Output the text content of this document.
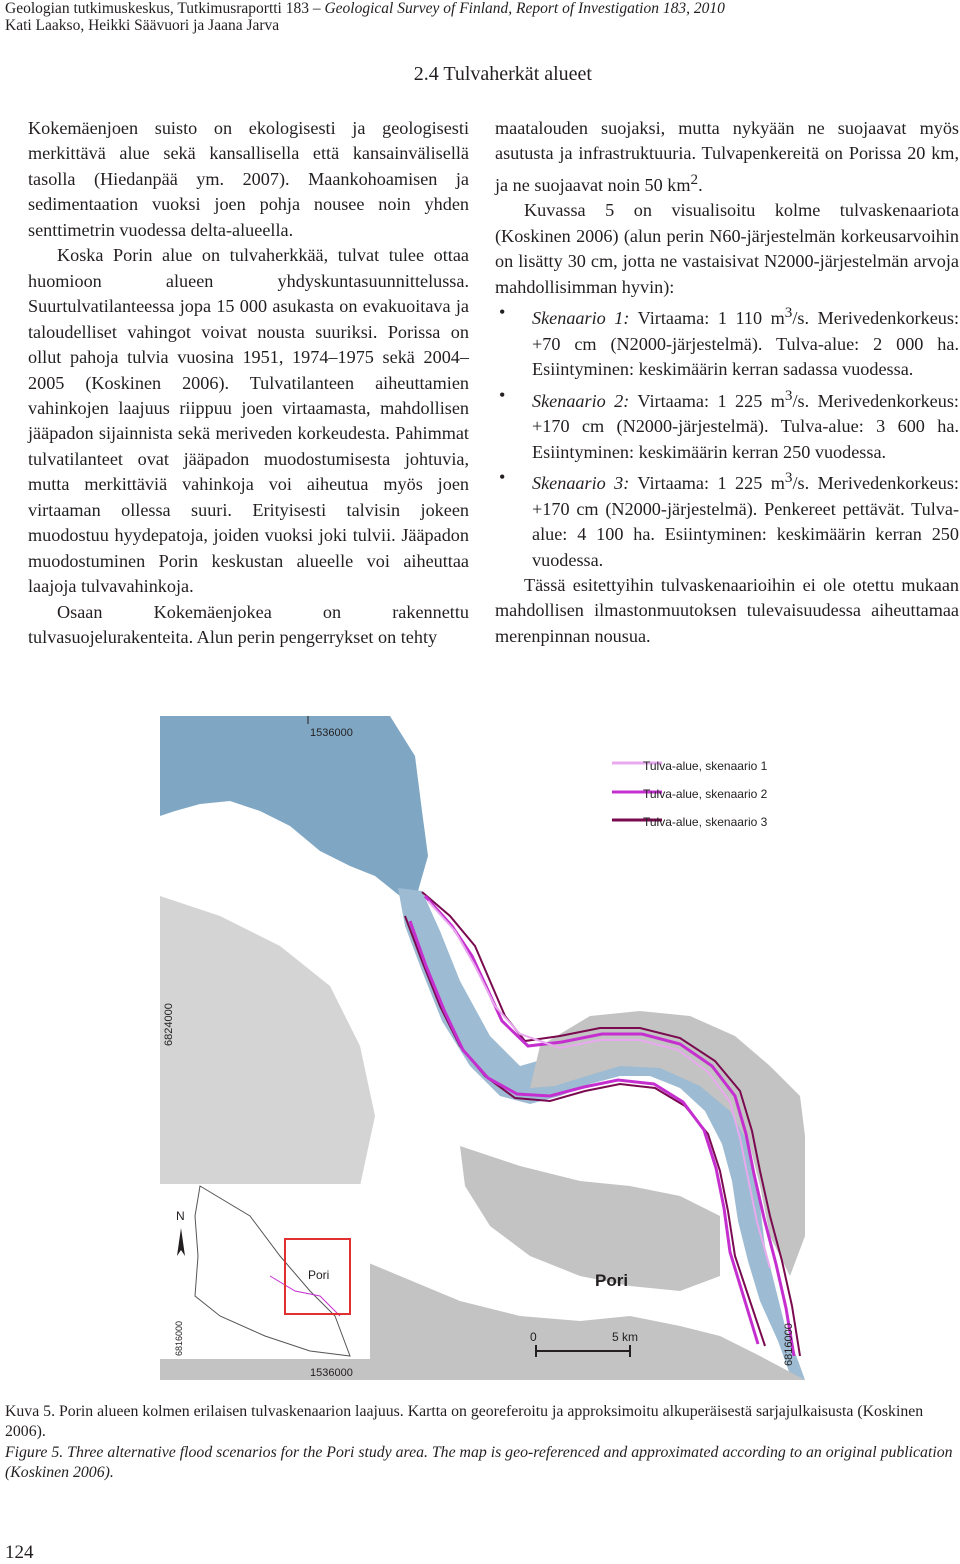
Geologian tutkimuskeskus, Tutkimusraportti 183 – Geological Survey of Finland, Report of Investigation 183, 2010
Kati Laakso, Heikki Säävuori ja Jaana Jarva
2.4 Tulvaherkät alueet

Kokemäenjoen suisto on ekologisesti ja geologisesti merkittävä alue sekä kansallisella että kansainvälisellä tasolla (Hiedanpää ym. 2007). Maankohoamisen ja sedimentaation vuoksi joen pohja nousee noin yhden senttimetrin vuodessa delta-alueella.

Koska Porin alue on tulvaherkkää, tulvat tulee ottaa huomioon alueen yhdyskuntasuunnittelussa. Suurtulvatilanteessa jopa 15 000 asukasta on evakuoitava ja taloudelliset vahingot voivat nousta suuriksi. Porissa on ollut pahoja tulvia vuosina 1951, 1974–1975 sekä 2004–2005 (Koskinen 2006). Tulvatilanteen aiheuttamien vahinkojen laajuus riippuu joen virtaamasta, mahdollisen jääpadon sijainnista sekä meriveden korkeudesta. Pahimmat tulvatilanteet ovat jääpadon muodostumisesta johtuvia, mutta merkittäviä vahinkoja voi aiheutua myös joen virtaaman ollessa suuri. Erityisesti talvisin jokeen muodostuu hyydepatoja, joiden vuoksi joki tulvii. Jääpadon muodostuminen Porin keskustan alueelle voi aiheuttaa laajoja tulvavahinkoja.

Osaan Kokemäenjokea on rakennettu tulvasuojelurakenteita. Alun perin pengerrykset on tehty

maatalouden suojaksi, mutta nykyään ne suojaavat myös asutusta ja infrastruktuuria. Tulvapenkereitä on Porissa 20 km, ja ne suojaavat noin 50 $km^2$.

Kuvassa 5 on visualisoitu kolme tulvaskenaariota (Koskinen 2006) (alun perin N60-järjestelmän korkeusarvoihin on lisätty 30 cm, jotta ne vastaisivat N2000-järjestelmän arvoja mahdollisimman hyvin):

• Skenaario 1: Virtaama: 1 110 $m^3/s$. Merivedenkorkeus: +70 cm (N2000-järjestelmä). Tulva-alue: 2 000 ha. Esiintyminen: keskimäärin kerran sadassa vuodessa.
• Skenaario 2: Virtaama: 1 225 $m^3/s$. Merivedenkorkeus: +170 cm (N2000-järjestelmä). Tulva-alue: 3 600 ha. Esiintyminen: keskimäärin kerran 250 vuodessa.
• Skenaario 3: Virtaama: 1 225 $m^3/s$. Merivedenkorkeus: +170 cm (N2000-järjestelmä). Penkereet pettävät. Tulva-alue: 4 100 ha. Esiintyminen: keskimäärin kerran 250 vuodessa.

Tässä esitettyihin tulvaskenaarioihin ei ole otettu mukaan mahdollisen ilmastonmuutoksen tulevaisuudessa aiheuttamaa merenpinnan nousua.

Tulva-alue, skenaario 1
Tulva-alue, skenaario 2
Tulva-alue, skenaario 3
1536000
6824000
6816000
1536000
Pori
Pori
6816000
N
0	5 km
Kuva 5. Porin alueen kolmen erilaisen tulvaskenaarion laajuus. Kartta on georeferoitu ja approksimoitu alkuperäisestä sarjajulkaisusta (Koskinen 2006).
Figure 5. Three alternative flood scenarios for the Pori study area. The map is geo-referenced and approximated according to an original publication (Koskinen 2006).
124
